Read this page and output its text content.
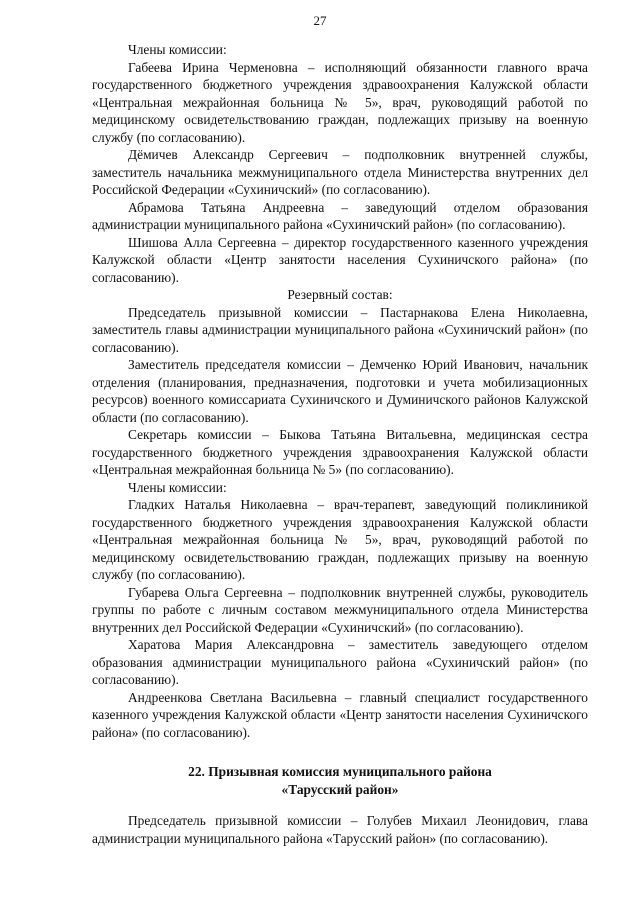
27

Члены комиссии:

Габеева Ирина Черменовна – исполняющий обязанности главного врача государственного бюджетного учреждения здравоохранения Калужской области «Центральная межрайонная больница № 5», врач, руководящий работой по медицинскому освидетельствованию граждан, подлежащих призыву на военную службу (по согласованию).

Дёмичев Александр Сергеевич – подполковник внутренней службы, заместитель начальника межмуниципального отдела Министерства внутренних дел Российской Федерации «Сухиничский» (по согласованию).

Абрамова Татьяна Андреевна – заведующий отделом образования администрации муниципального района «Сухиничский район» (по согласованию).

Шишова Алла Сергеевна – директор государственного казенного учреждения Калужской области «Центр занятости населения Сухиничского района» (по согласованию).

Резервный состав:

Председатель призывной комиссии – Пастарнакова Елена Николаевна, заместитель главы администрации муниципального района «Сухиничский район» (по согласованию).

Заместитель председателя комиссии – Демченко Юрий Иванович, начальник отделения (планирования, предназначения, подготовки и учета мобилизационных ресурсов) военного комиссариата Сухиничского и Думиничского районов Калужской области (по согласованию).

Секретарь комиссии – Быкова Татьяна Витальевна, медицинская сестра государственного бюджетного учреждения здравоохранения Калужской области «Центральная межрайонная больница № 5» (по согласованию).

Члены комиссии:

Гладких Наталья Николаевна – врач-терапевт, заведующий поликлиникой государственного бюджетного учреждения здравоохранения Калужской области «Центральная межрайонная больница № 5», врач, руководящий работой по медицинскому освидетельствованию граждан, подлежащих призыву на военную службу (по согласованию).

Губарева Ольга Сергеевна – подполковник внутренней службы, руководитель группы по работе с личным составом межмуниципального отдела Министерства внутренних дел Российской Федерации «Сухиничский» (по согласованию).

Харатова Мария Александровна – заместитель заведующего отделом образования администрации муниципального района «Сухиничский район» (по согласованию).

Андреенкова Светлана Васильевна – главный специалист государственного казенного учреждения Калужской области «Центр занятости населения Сухиничского района» (по согласованию).

22. Призывная комиссия муниципального района

«Тарусский район»

Председатель призывной комиссии – Голубев Михаил Леонидович, глава администрации муниципального района «Тарусский район» (по согласованию).
